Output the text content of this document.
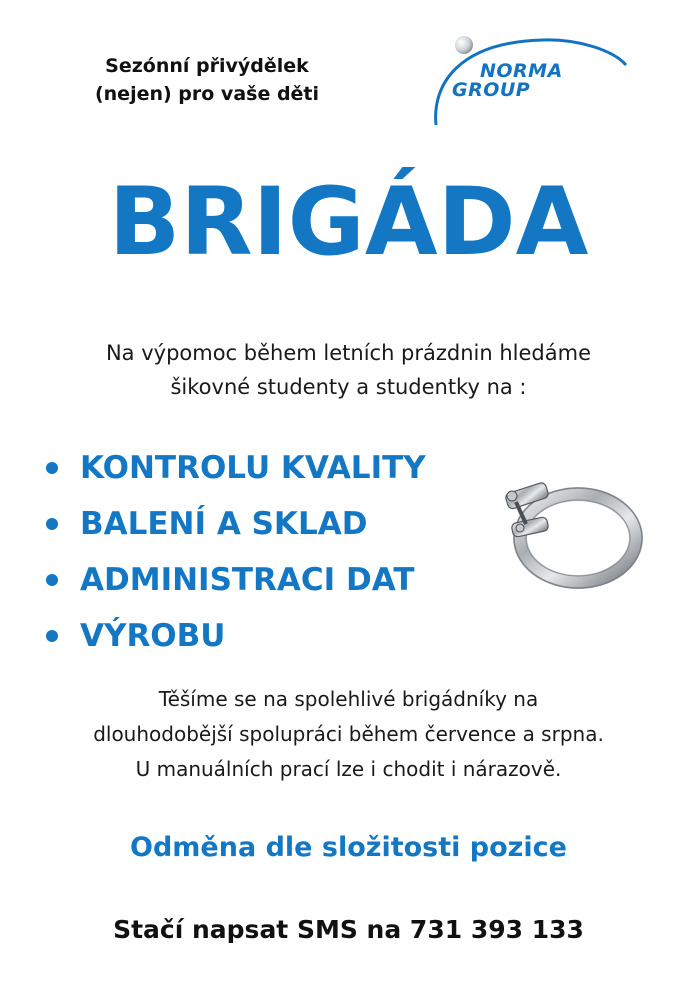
Sezónní přivýdělek
(nejen) pro vaše děti
NORMA
GROUP
BRIGÁDA
Na výpomoc během letních prázdnin hledáme
šikovné studenty a studentky na :
KONTROLU KVALITY
BALENÍ A SKLAD
ADMINISTRACI DAT
VÝROBU
Těšíme se na spolehlivé brigádníky na
dlouhodobější spolupráci během července a srpna.
U manuálních prací lze i chodit i nárazově.
Odměna dle složitosti pozice
Stačí napsat SMS na 731 393 133
